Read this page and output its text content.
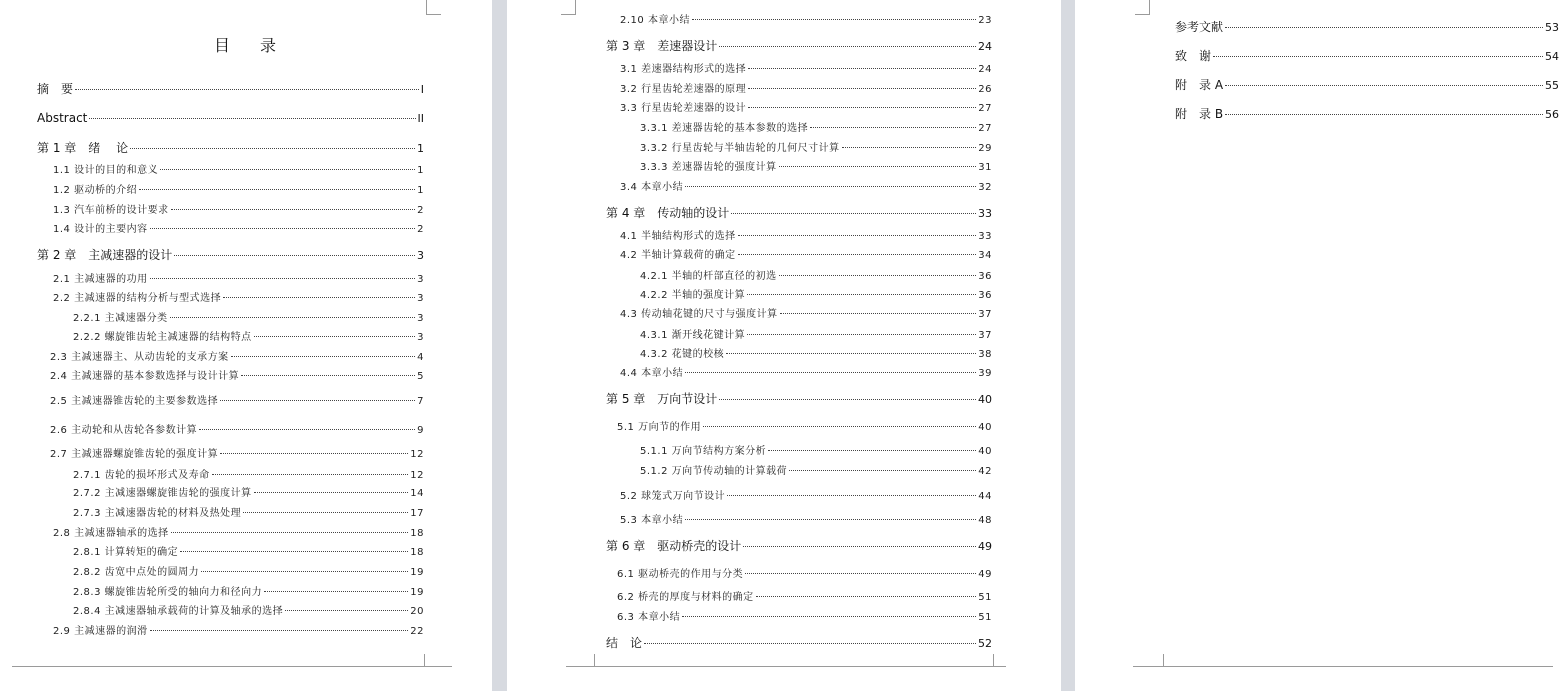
目 录
摘　要	I
Abstract	II
第 1 章　绪　 论	1
1.1 设计的目的和意义	1
1.2 驱动桥的介绍	1
1.3 汽车前桥的设计要求	2
1.4 设计的主要内容	2
第 2 章　主减速器的设计	3
2.1 主减速器的功用	3
2.2 主减速器的结构分析与型式选择	3
2.2.1 主减速器分类	3
2.2.2 螺旋锥齿轮主减速器的结构特点	3
2.3 主减速器主、从动齿轮的支承方案	4
2.4 主减速器的基本参数选择与设计计算	5
2.5 主减速器锥齿轮的主要参数选择	7
2.6 主动轮和从齿轮各参数计算	9
2.7 主减速器螺旋锥齿轮的强度计算	12
2.7.1 齿轮的损坏形式及寿命	12
2.7.2 主减速器螺旋锥齿轮的强度计算	14
2.7.3 主减速器齿轮的材料及热处理	17
2.8 主减速器轴承的选择	18
2.8.1 计算转矩的确定	18
2.8.2 齿宽中点处的圆周力	19
2.8.3 螺旋锥齿轮所受的轴向力和径向力	19
2.8.4 主减速器轴承载荷的计算及轴承的选择	20
2.9 主减速器的润滑	22
2.10 本章小结	23
第 3 章　差速器设计	24
3.1 差速器结构形式的选择	24
3.2 行星齿轮差速器的原理	26
3.3 行星齿轮差速器的设计	27
3.3.1 差速器齿轮的基本参数的选择	27
3.3.2 行星齿轮与半轴齿轮的几何尺寸计算	29
3.3.3 差速器齿轮的强度计算	31
3.4 本章小结	32
第 4 章　传动轴的设计	33
4.1 半轴结构形式的选择	33
4.2 半轴计算载荷的确定	34
4.2.1 半轴的杆部直径的初选	36
4.2.2 半轴的强度计算	36
4.3 传动轴花键的尺寸与强度计算	37
4.3.1 渐开线花键计算	37
4.3.2 花键的校核	38
4.4 本章小结	39
第 5 章　万向节设计	40
5.1 万向节的作用	40
5.1.1 万向节结构方案分析	40
5.1.2 万向节传动轴的计算载荷	42
5.2 球笼式万向节设计	44
5.3 本章小结	48
第 6 章　驱动桥壳的设计	49
6.1 驱动桥壳的作用与分类	49
6.2 桥壳的厚度与材料的确定	51
6.3 本章小结	51
结　论	52
参考文献	53
致　谢	54
附　录 A	55
附　录 B	56
